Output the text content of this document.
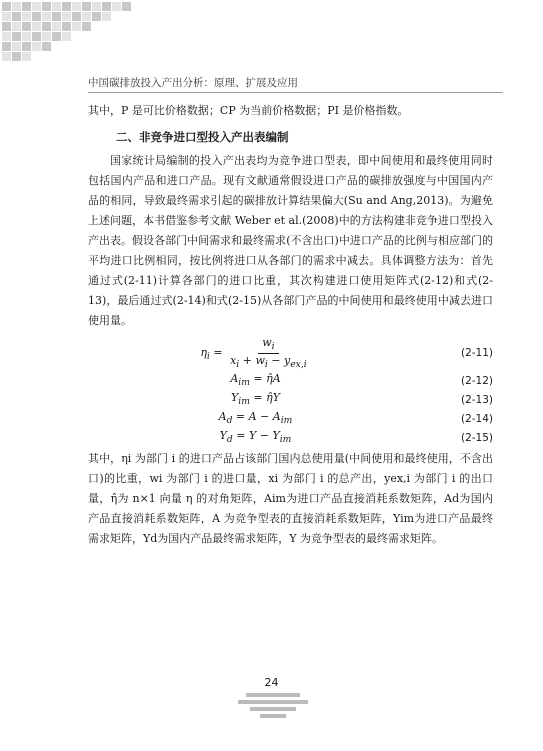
中国碳排放投入产出分析：原理、扩展及应用

其中，P 是可比价格数据；CP 为当前价格数据；PI 是价格指数。

二、非竞争进口型投入产出表编制

国家统计局编制的投入产出表均为竞争进口型表，即中间使用和最终使用同时包括国内产品和进口产品。现有文献通常假设进口产品的碳排放强度与中国国内产品的相同，导致最终需求引起的碳排放计算结果偏大(Su and Ang,2013)。为避免上述问题，本书借鉴参考文献 Weber et al.(2008)中的方法构建非竞争进口型投入产出表。假设各部门中间需求和最终需求(不含出口)中进口产品的比例与相应部门的平均进口比例相同，按比例将进口从各部门的需求中减去。具体调整方法为：首先通过式(2-11)计算各部门的进口比重，其次构建进口使用矩阵式(2-12)和式(2-13)，最后通过式(2-14)和式(2-15)从各部门产品的中间使用和最终使用中减去进口使用量。

$\eta_i = \frac{w_i}{x_i + w_i - y_{ex,i}}$	(2-11)
$A_{im}$ = η̂A	(2-12)
$Y_{im}$ = η̂Y	(2-13)
$A_d = A - A_{im}$	(2-14)
$Y_d = Y - Y_{im}$	(2-15)

其中，ηi 为部门 i 的进口产品占该部门国内总使用量(中间使用和最终使用，不含出口)的比重，wi 为部门 i 的进口量，xi 为部门 i 的总产出，yex,i 为部门 i 的出口量，η̂为 n×1 向量 η 的对角矩阵，Aim为进口产品直接消耗系数矩阵，Ad为国内产品直接消耗系数矩阵，A 为竞争型表的直接消耗系数矩阵，Yim为进口产品最终需求矩阵，Yd为国内产品最终需求矩阵，Y 为竞争型表的最终需求矩阵。

24
